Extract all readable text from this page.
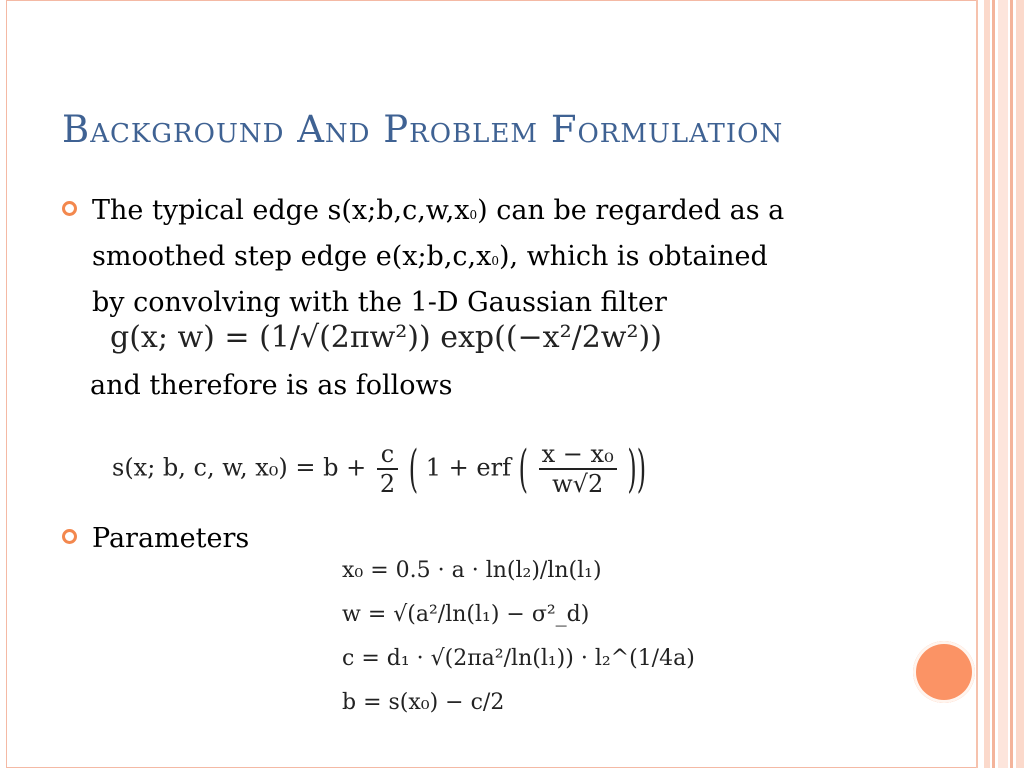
Background And Problem Formulation
The typical edge s(x;b,c,w,x0) can be regarded as a
smoothed step edge e(x;b,c,x0), which is obtained
by convolving with the 1-D Gaussian filter
g(x; w) = (1/√(2πw²)) exp((−x²/2w²))
and therefore is as follows
s(x; b, c, w, $x_0) = b + \frac{c}{2}$ ( 1 + erf ( $\frac{\text{x − x₀}}{w√2}$ ))
Parameters
x₀ = 0.5 · a · ln(l₂)/ln(l₁)
w = √(a²/ln(l₁) − σ²_d)
c = d₁ · √(2πa²/ln(l₁)) · l₂^(1/4a)
b = s(x₀) − c/2
